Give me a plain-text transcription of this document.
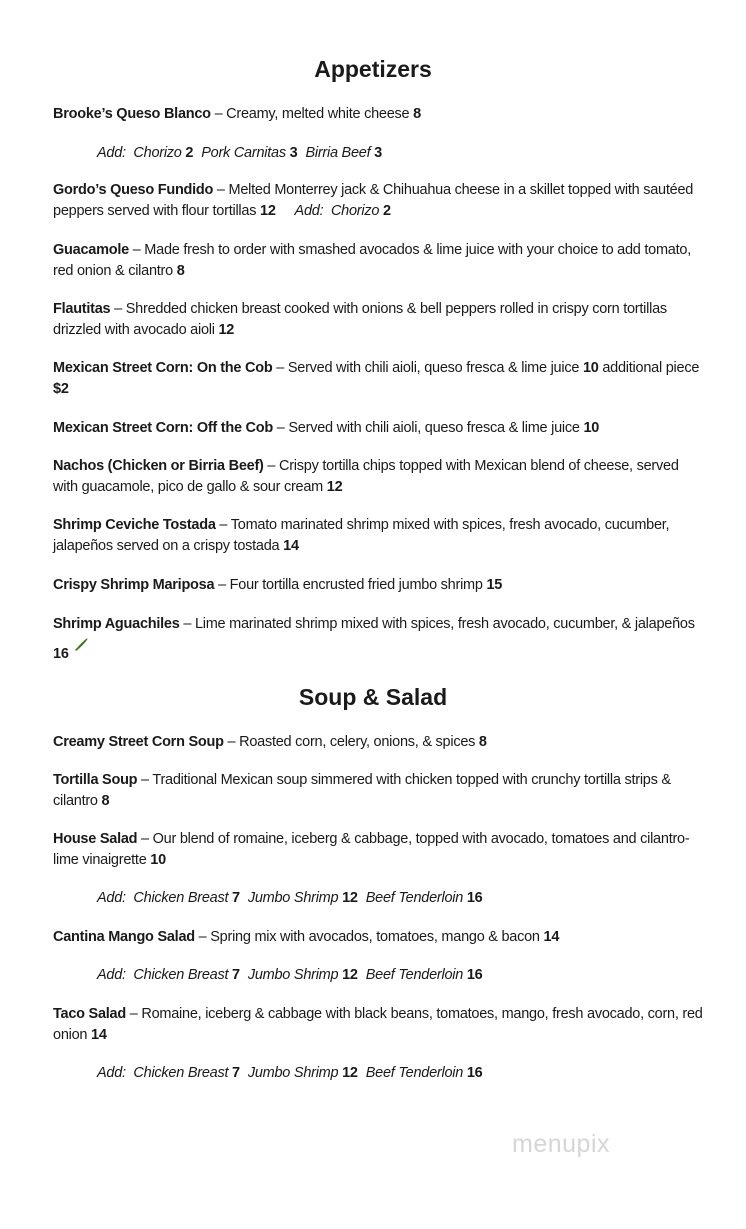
Appetizers
Brooke’s Queso Blanco – Creamy, melted white cheese 8
Add: Chorizo 2 Pork Carnitas 3 Birria Beef 3
Gordo’s Queso Fundido – Melted Monterrey jack & Chihuahua cheese in a skillet topped with sautéed peppers served with flour tortillas 12 Add: Chorizo 2
Guacamole – Made fresh to order with smashed avocados & lime juice with your choice to add tomato, red onion & cilantro 8
Flautitas – Shredded chicken breast cooked with onions & bell peppers rolled in crispy corn tortillas drizzled with avocado aioli 12
Mexican Street Corn: On the Cob – Served with chili aioli, queso fresca & lime juice 10 additional piece $2
Mexican Street Corn: Off the Cob – Served with chili aioli, queso fresca & lime juice 10
Nachos (Chicken or Birria Beef) – Crispy tortilla chips topped with Mexican blend of cheese, served with guacamole, pico de gallo & sour cream 12
Shrimp Ceviche Tostada – Tomato marinated shrimp mixed with spices, fresh avocado, cucumber, jalapeños served on a crispy tostada 14
Crispy Shrimp Mariposa – Four tortilla encrusted fried jumbo shrimp 15
Shrimp Aguachiles – Lime marinated shrimp mixed with spices, fresh avocado, cucumber, & jalapeños 16
Soup & Salad
Creamy Street Corn Soup – Roasted corn, celery, onions, & spices 8
Tortilla Soup – Traditional Mexican soup simmered with chicken topped with crunchy tortilla strips & cilantro 8
House Salad – Our blend of romaine, iceberg & cabbage, topped with avocado, tomatoes and cilantro-lime vinaigrette 10
Add: Chicken Breast 7 Jumbo Shrimp 12 Beef Tenderloin 16
Cantina Mango Salad – Spring mix with avocados, tomatoes, mango & bacon 14
Add: Chicken Breast 7 Jumbo Shrimp 12 Beef Tenderloin 16
Taco Salad – Romaine, iceberg & cabbage with black beans, tomatoes, mango, fresh avocado, corn, red onion 14
Add: Chicken Breast 7 Jumbo Shrimp 12 Beef Tenderloin 16
menupix
